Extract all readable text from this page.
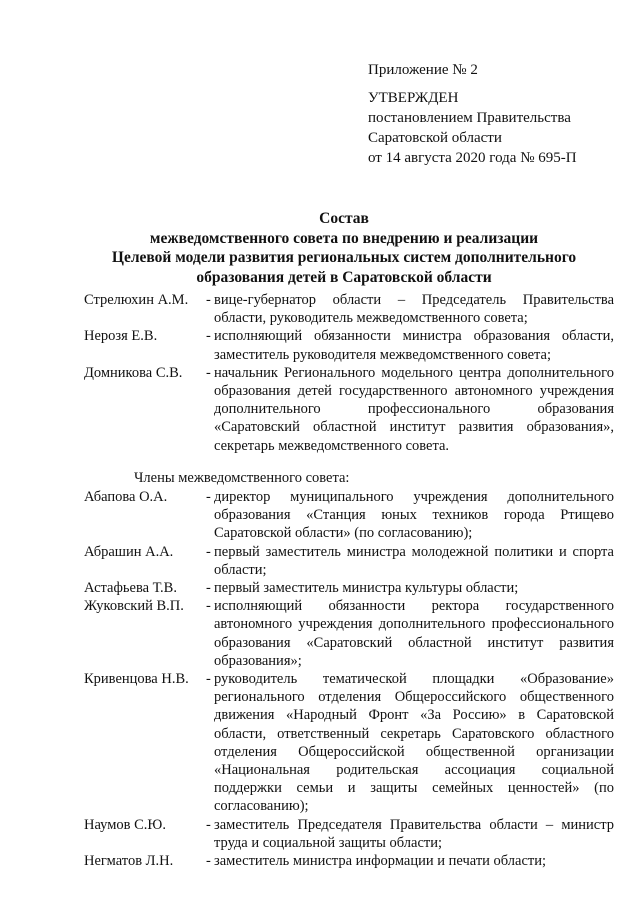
Приложение № 2
УТВЕРЖДЕН
постановлением Правительства
Саратовской области
от 14 августа 2020 года № 695-П
Состав
межведомственного совета по внедрению и реализации
Целевой модели развития региональных систем дополнительного
образования детей в Саратовской области
Стрелюхин А.М.	- вице-губернатор области – Председатель Правительства области, руководитель межведомственного совета;
Нерозя Е.В.	- исполняющий обязанности министра образования области, заместитель руководителя межведомственного совета;
Домникова С.В.	- начальник Регионального модельного центра дополнительного образования детей государственного автономного учреждения дополнительного профессионального образования «Саратовский областной институт развития образования», секретарь межведомственного совета.
Члены межведомственного совета:
Абапова О.А.	- директор муниципального учреждения дополнительного образования «Станция юных техников города Ртищево Саратовской области» (по согласованию);
Абрашин А.А.	- первый заместитель министра молодежной политики и спорта области;
Астафьева Т.В.	- первый заместитель министра культуры области;
Жуковский В.П.	- исполняющий обязанности ректора государственного автономного учреждения дополнительного профессионального образования «Саратовский областной институт развития образования»;
Кривенцова Н.В.	- руководитель тематической площадки «Образование» регионального отделения Общероссийского общественного движения «Народный Фронт «За Россию» в Саратовской области, ответственный секретарь Саратовского областного отделения Общероссийской общественной организации «Национальная родительская ассоциация социальной поддержки семьи и защиты семейных ценностей» (по согласованию);
Наумов С.Ю.	- заместитель Председателя Правительства области – министр труда и социальной защиты области;
Негматов Л.Н.	- заместитель министра информации и печати области;
